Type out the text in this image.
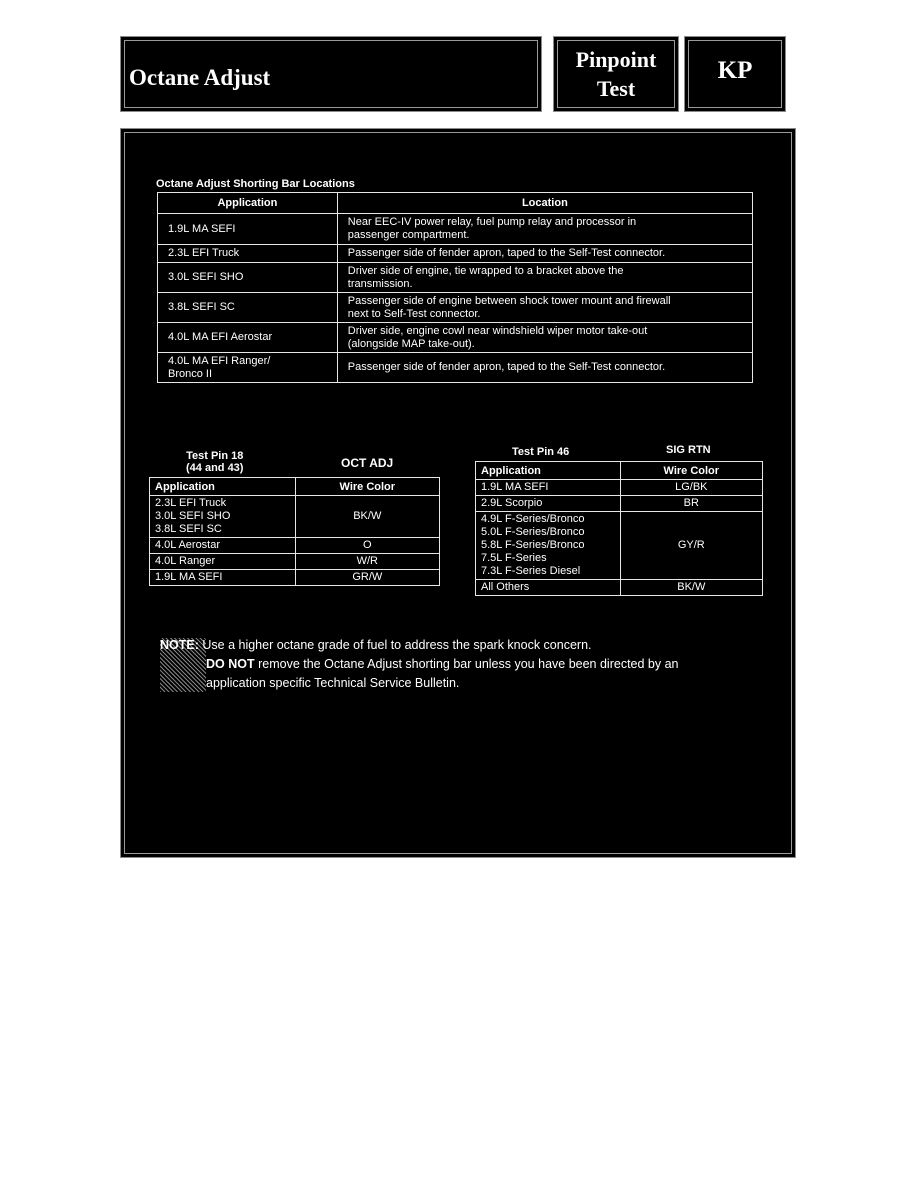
Octane Adjust
Pinpoint
Test
KP
Octane Adjust Shorting Bar Locations
Application	Location

1.9L MA SEFI	Near EEC-IV power relay, fuel pump relay and processor in
passenger compartment.

2.3L EFI Truck	Passenger side of fender apron, taped to the Self-Test connector.

3.0L SEFI SHO	Driver side of engine, tie wrapped to a bracket above the
transmission.

3.8L SEFI SC	Passenger side of engine between shock tower mount and firewall
next to Self-Test connector.

4.0L MA EFI Aerostar	Driver side, engine cowl near windshield wiper motor take-out
(alongside MAP take-out).

4.0L MA EFI Ranger/
Bronco II	Passenger side of fender apron, taped to the Self-Test connector.
Test Pin 18
(44 and 43)	OCT ADJ
Application	Wire Color

2.3L EFI Truck
3.0L SEFI SHO
3.8L SEFI SC	BK/W

4.0L Aerostar	O

4.0L Ranger	W/R

1.9L MA SEFI	GR/W
Test Pin 46	SIG RTN
Application	Wire Color

1.9L MA SEFI	LG/BK

2.9L Scorpio	BR

4.9L F-Series/Bronco
5.0L F-Series/Bronco
5.8L F-Series/Bronco
7.5L F-Series
7.3L F-Series Diesel	GY/R

All Others	BK/W
NOTE: Use a higher octane grade of fuel to address the spark knock concern.
DO NOT remove the Octane Adjust shorting bar unless you have been directed by an
application specific Technical Service Bulletin.
